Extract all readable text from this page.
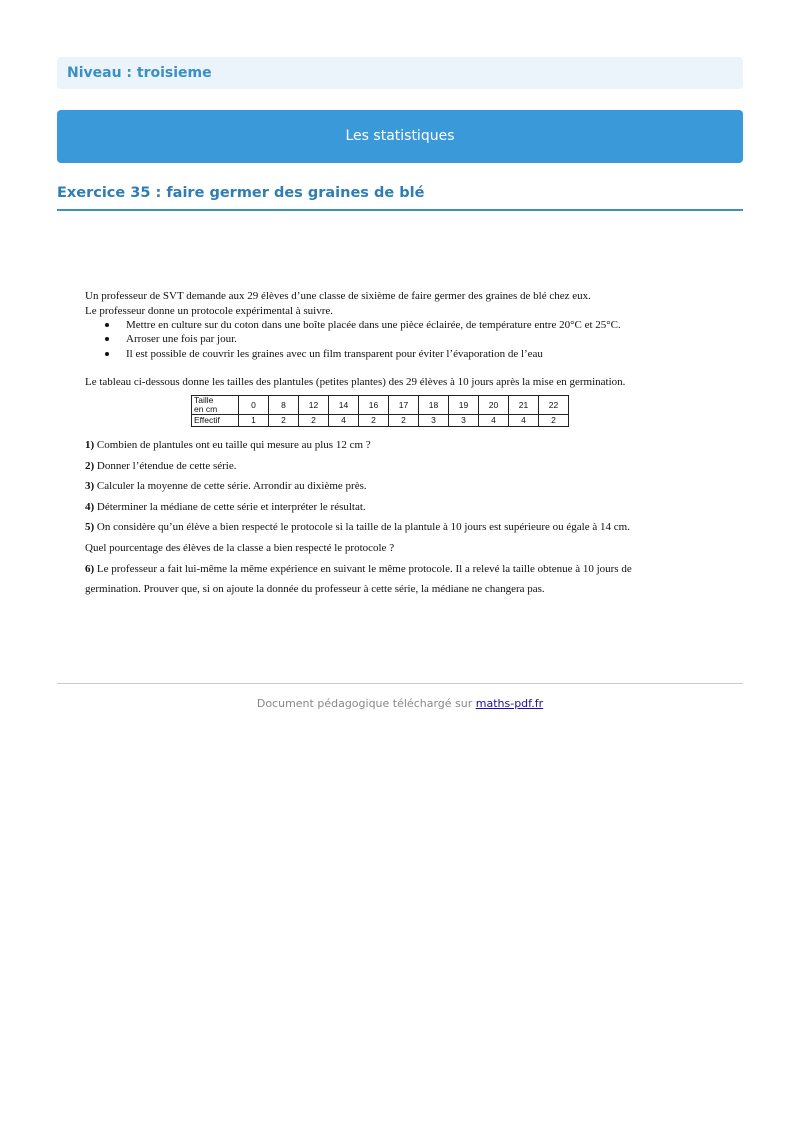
Niveau : troisieme
Les statistiques
Exercice 35 : faire germer des graines de blé
Un professeur de SVT demande aux 29 élèves d’une classe de sixième de faire germer des graines de blé chez eux.
Le professeur donne un protocole expérimental à suivre.
Mettre en culture sur du coton dans une boîte placée dans une pièce éclairée, de température entre 20°C et 25°C.
Arroser une fois par jour.
Il est possible de couvrir les graines avec un film transparent pour éviter l’évaporation de l’eau
Le tableau ci-dessous donne les tailles des plantules (petites plantes) des 29 élèves à 10 jours après la mise en germination.
Taille
en cm	0	8	12	14	16	17	18	19	20	21	22
Effectif	1	2	2	4	2	2	3	3	4	4	2
1) Combien de plantules ont eu taille qui mesure au plus 12 cm ?
2) Donner l’étendue de cette série.
3) Calculer la moyenne de cette série. Arrondir au dixième près.
4) Déterminer la médiane de cette série et interpréter le résultat.
5) On considère qu’un élève a bien respecté le protocole si la taille de la plantule à 10 jours est supérieure ou égale à 14 cm.
Quel pourcentage des élèves de la classe a bien respecté le protocole ?
6) Le professeur a fait lui-même la même expérience en suivant le même protocole. Il a relevé la taille obtenue à 10 jours de
germination. Prouver que, si on ajoute la donnée du professeur à cette série, la médiane ne changera pas.
Document pédagogique téléchargé sur maths-pdf.fr
